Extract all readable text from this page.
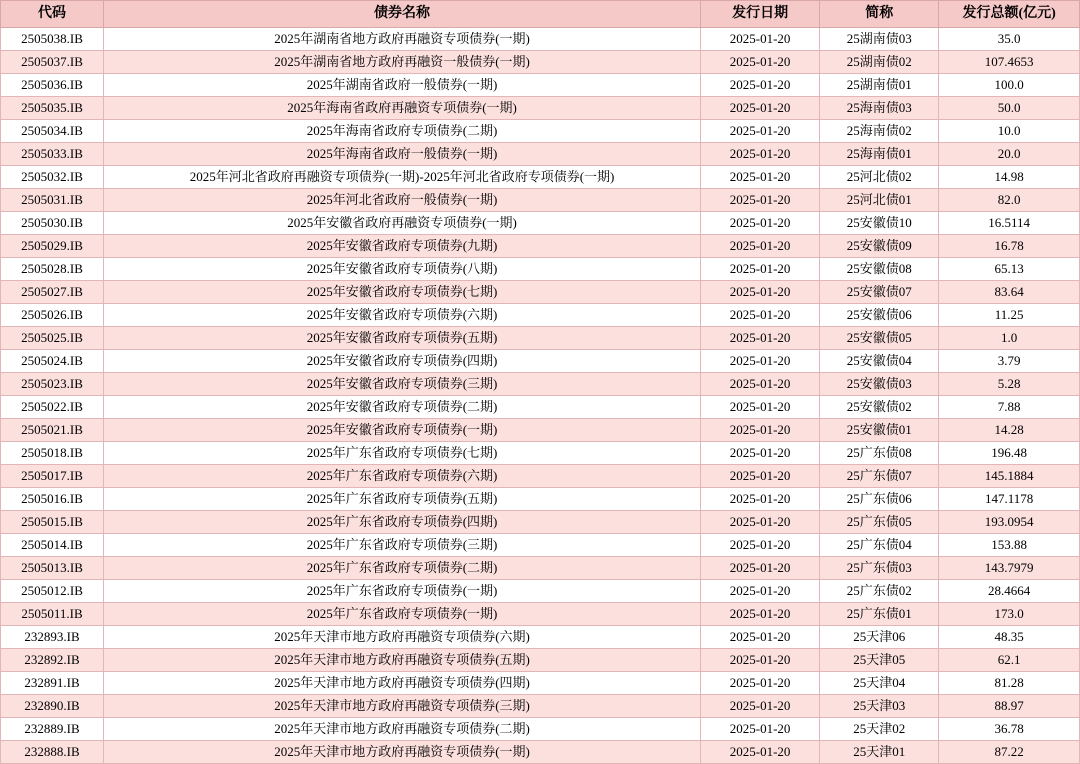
代码	债券名称	发行日期	简称	发行总额(亿元)
2505038.IB	2025年湖南省地方政府再融资专项债券(一期)	2025-01-20	25湖南债03	35.0
2505037.IB	2025年湖南省地方政府再融资一般债券(一期)	2025-01-20	25湖南债02	107.4653
2505036.IB	2025年湖南省政府一般债券(一期)	2025-01-20	25湖南债01	100.0
2505035.IB	2025年海南省政府再融资专项债券(一期)	2025-01-20	25海南债03	50.0
2505034.IB	2025年海南省政府专项债券(二期)	2025-01-20	25海南债02	10.0
2505033.IB	2025年海南省政府一般债券(一期)	2025-01-20	25海南债01	20.0
2505032.IB	2025年河北省政府再融资专项债券(一期)-2025年河北省政府专项债券(一期)	2025-01-20	25河北债02	14.98
2505031.IB	2025年河北省政府一般债券(一期)	2025-01-20	25河北债01	82.0
2505030.IB	2025年安徽省政府再融资专项债券(一期)	2025-01-20	25安徽债10	16.5114
2505029.IB	2025年安徽省政府专项债券(九期)	2025-01-20	25安徽债09	16.78
2505028.IB	2025年安徽省政府专项债券(八期)	2025-01-20	25安徽债08	65.13
2505027.IB	2025年安徽省政府专项债券(七期)	2025-01-20	25安徽债07	83.64
2505026.IB	2025年安徽省政府专项债券(六期)	2025-01-20	25安徽债06	11.25
2505025.IB	2025年安徽省政府专项债券(五期)	2025-01-20	25安徽债05	1.0
2505024.IB	2025年安徽省政府专项债券(四期)	2025-01-20	25安徽债04	3.79
2505023.IB	2025年安徽省政府专项债券(三期)	2025-01-20	25安徽债03	5.28
2505022.IB	2025年安徽省政府专项债券(二期)	2025-01-20	25安徽债02	7.88
2505021.IB	2025年安徽省政府专项债券(一期)	2025-01-20	25安徽债01	14.28
2505018.IB	2025年广东省政府专项债券(七期)	2025-01-20	25广东债08	196.48
2505017.IB	2025年广东省政府专项债券(六期)	2025-01-20	25广东债07	145.1884
2505016.IB	2025年广东省政府专项债券(五期)	2025-01-20	25广东债06	147.1178
2505015.IB	2025年广东省政府专项债券(四期)	2025-01-20	25广东债05	193.0954
2505014.IB	2025年广东省政府专项债券(三期)	2025-01-20	25广东债04	153.88
2505013.IB	2025年广东省政府专项债券(二期)	2025-01-20	25广东债03	143.7979
2505012.IB	2025年广东省政府专项债券(一期)	2025-01-20	25广东债02	28.4664
2505011.IB	2025年广东省政府专项债券(一期)	2025-01-20	25广东债01	173.0
232893.IB	2025年天津市地方政府再融资专项债券(六期)	2025-01-20	25天津06	48.35
232892.IB	2025年天津市地方政府再融资专项债券(五期)	2025-01-20	25天津05	62.1
232891.IB	2025年天津市地方政府再融资专项债券(四期)	2025-01-20	25天津04	81.28
232890.IB	2025年天津市地方政府再融资专项债券(三期)	2025-01-20	25天津03	88.97
232889.IB	2025年天津市地方政府再融资专项债券(二期)	2025-01-20	25天津02	36.78
232888.IB	2025年天津市地方政府再融资专项债券(一期)	2025-01-20	25天津01	87.22
